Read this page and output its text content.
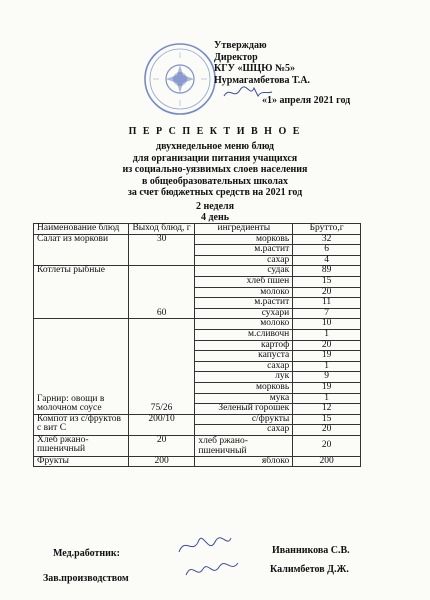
Утверждаю
Директор
КГУ «ШЦЮ №5»
Нурмагамбетова Т.А.
«1» апреля 2021 год
П Е Р С П Е К Т И В Н О Е
двухнедельное меню блюд
для организации питания учащихся
из социально-уязвимых слоев населения
в общеобразовательных школах
за счет бюджетных средств на 2021 год
2 неделя
4 день
Наименование блюд	Выход блюд, г	ингредиенты	Брутто,г
Салат из моркови	30	морковь	32
		м.растит	6
		сахар	4
Котлеты рыбные	60	судак	89
		хлеб пшен	15
		молоко	20
		м.растит	11
		сухари	7
Гарнир: овощи в молочном соусе	75/26	молоко	10
		м.сливочн	1
		картоф	20
		капуста	19
		сахар	1
		лук	9
		морковь	19
		мука	1
		Зеленый горошек	12
Компот из с/фруктов с вит С	200/10	с/фрукты	15
		сахар	20
Хлеб ржано-пшеничный	20	хлеб ржано-пшеничный	20
Фрукты	200	яблоко	200
Мед.работник:	Иванникова С.В.
Зав.производством
Калимбетов Д.Ж.
